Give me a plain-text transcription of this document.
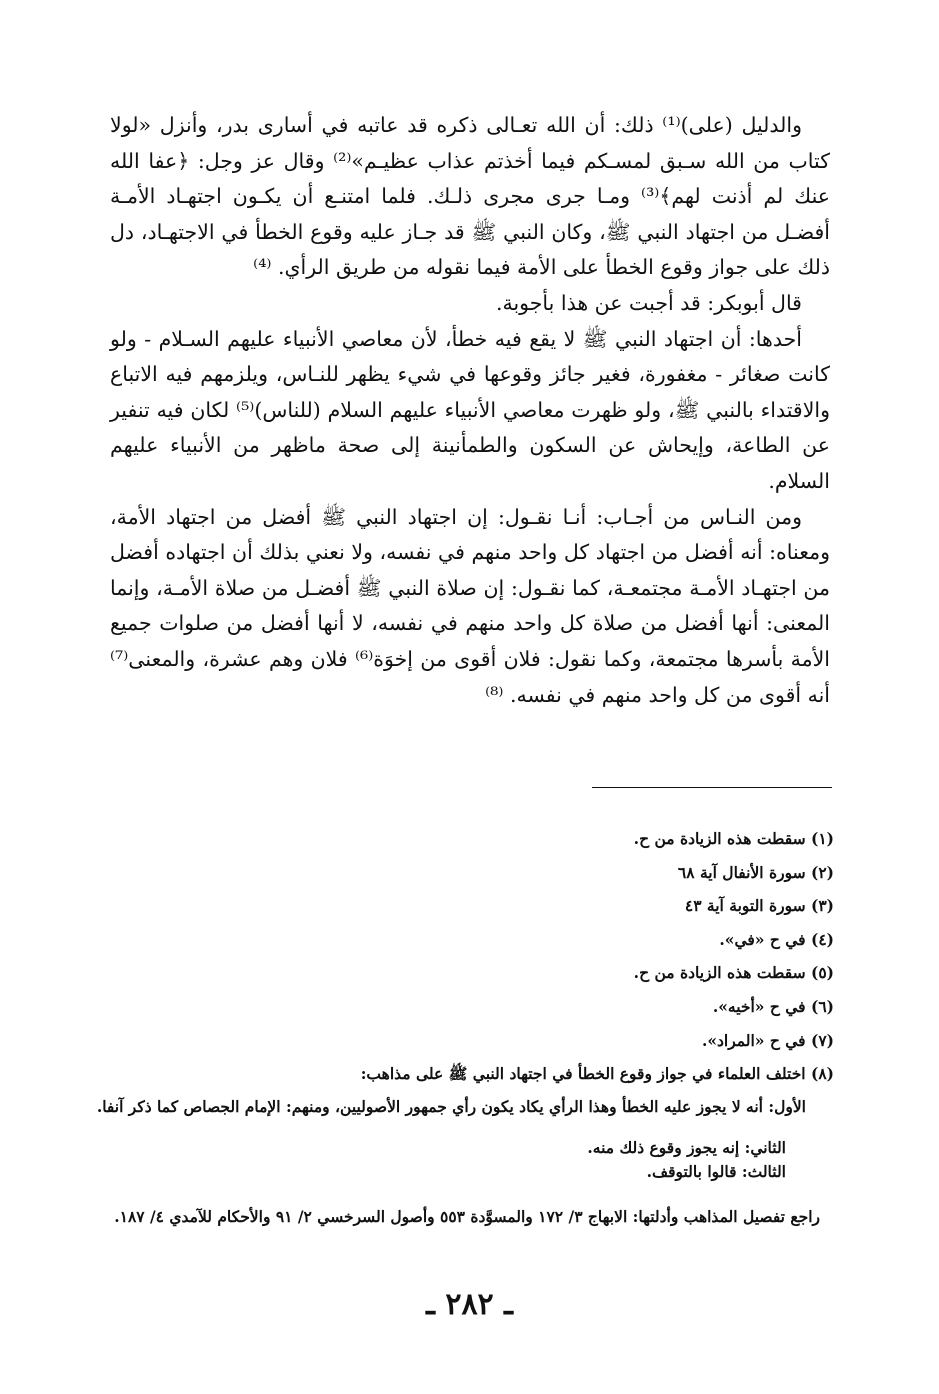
والدليل (على)⁽¹⁾ ذلك: أن الله تعـالى ذكره قد عاتبه في أسارى بدر، وأنزل «لولا كتاب من الله سـبق لمسـكم فيما أخذتم عذاب عظيـم»⁽²⁾ وقال عز وجل: ﴿عفا الله عنك لم أذنت لهم﴾⁽³⁾ ومـا جرى مجرى ذلـك. فلما امتنـع أن يكـون اجتهـاد الأمـة أفضـل من اجتهاد النبي ﷺ، وكان النبي ﷺ قد جـاز عليه وقوع الخطأ في الاجتهـاد، دل ذلك على جواز وقوع الخطأ على الأمة فيما نقوله من طريق الرأي. ⁽⁴⁾

قال أبوبكر: قد أجبت عن هذا بأجوبة.

أحدها: أن اجتهاد النبي ﷺ لا يقع فيه خطأ، لأن معاصي الأنبياء عليهم السـلام - ولو كانت صغائر - مغفورة، فغير جائز وقوعها في شيء يظهر للنـاس، ويلزمهم فيه الاتباع والاقتداء بالنبي ﷺ، ولو ظهرت معاصي الأنبياء عليهم السلام (للناس)⁽⁵⁾ لكان فيه تنفير عن الطاعة، وإيحاش عن السكون والطمأنينة إلى صحة ماظهر من الأنبياء عليهم السلام.

ومن النـاس من أجـاب: أنـا نقـول: إن اجتهاد النبي ﷺ أفضل من اجتهاد الأمة، ومعناه: أنه أفضل من اجتهاد كل واحد منهم في نفسه، ولا نعني بذلك أن اجتهاده أفضل من اجتهـاد الأمـة مجتمعـة، كما نقـول: إن صلاة النبي ﷺ أفضـل من صلاة الأمـة، وإنما المعنى: أنها أفضل من صلاة كل واحد منهم في نفسه، لا أنها أفضل من صلوات جميع الأمة بأسرها مجتمعة، وكما نقول: فلان أقوى من إخوَة⁽⁶⁾ فلان وهم عشرة، والمعنى⁽⁷⁾ أنه أقوى من كل واحد منهم في نفسه. ⁽⁸⁾

(١) سقطت هذه الزيادة من ح.

(٢) سورة الأنفال آية ٦٨

(٣) سورة التوبة آية ٤٣

(٤) في ح «في».

(٥) سقطت هذه الزيادة من ح.

(٦) في ح «أخيه».

(٧) في ح «المراد».

(٨) اختلف العلماء في جواز وقوع الخطأ في اجتهاد النبي ﷺ على مذاهب:

الأول: أنه لا يجوز عليه الخطأ وهذا الرأي يكاد يكون رأي جمهور الأصوليين، ومنهم: الإمام الجصاص كما ذكر آنفا.

الثاني: إنه يجوز وقوع ذلك منه.

الثالث: قالوا بالتوقف.

راجع تفصيل المذاهب وأدلتها: الابهاج ٣/ ١٧٢ والمسوَّدة ٥٥٣ وأصول السرخسي ٢/ ٩١ والأحكام للآمدي ٤/ ١٨٧.

ـ ٢٨٢ ـ
